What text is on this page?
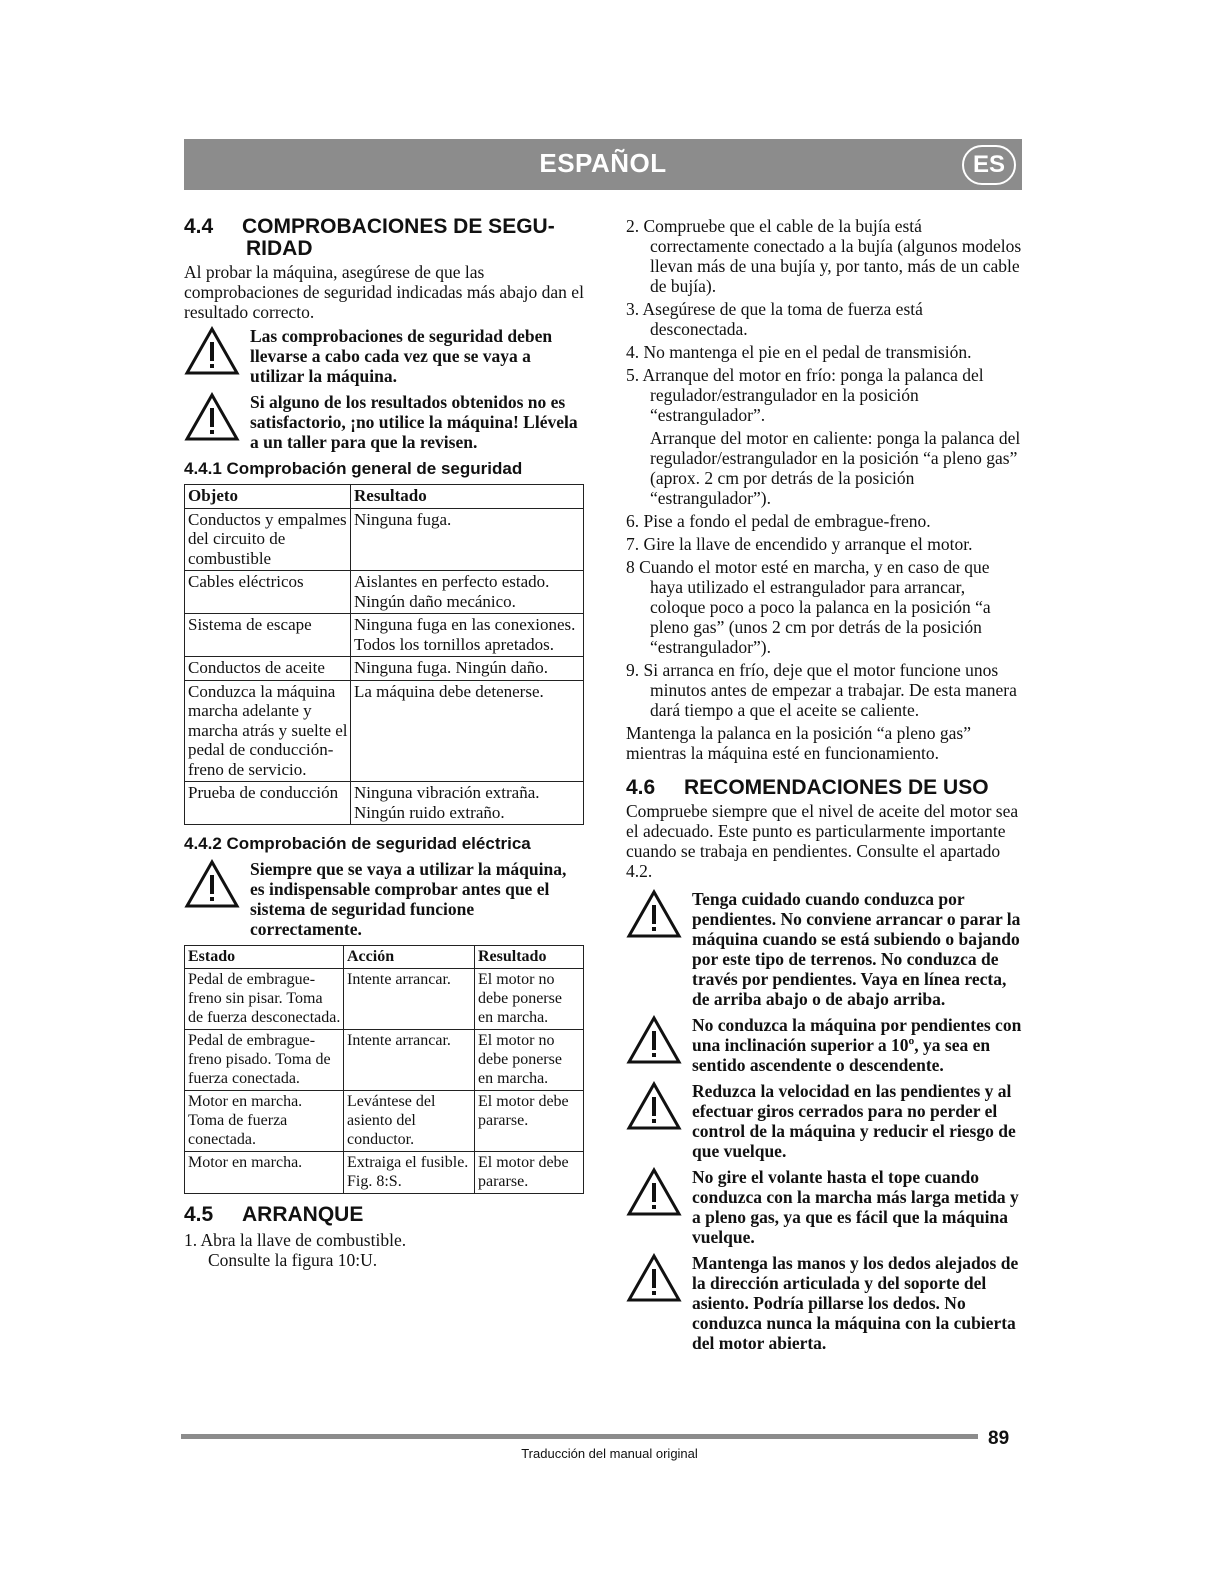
ESPAÑOL	ES
4.4 COMPROBACIONES DE SEGU-
RIDAD

Al probar la máquina, asegúrese de que las comprobaciones de seguridad indicadas más abajo dan el resultado correcto.

Las comprobaciones de seguridad deben llevarse a cabo cada vez que se vaya a utilizar la máquina.
Si alguno de los resultados obtenidos no es satisfactorio, ¡no utilice la máquina! Llévela a un taller para que la revisen.
4.4.1 Comprobación general de seguridad
Objeto	Resultado
Conductos y empalmes del circuito de combustible	Ninguna fuga.
Cables eléctricos	Aislantes en perfecto estado. Ningún daño mecánico.
Sistema de escape	Ninguna fuga en las conexiones. Todos los tornillos apretados.
Conductos de aceite	Ninguna fuga. Ningún daño.
Conduzca la máquina marcha adelante y marcha atrás y suelte el pedal de conducción-freno de servicio.	La máquina debe detenerse.
Prueba de conducción	Ninguna vibración extraña. Ningún ruido extraño.
4.4.2 Comprobación de seguridad eléctrica
Siempre que se vaya a utilizar la máquina, es indispensable comprobar antes que el sistema de seguridad funcione correctamente.
Estado	Acción	Resultado
Pedal de embrague-freno sin pisar. Toma de fuerza desconectada.	Intente arrancar.	El motor no debe ponerse en marcha.
Pedal de embrague-freno pisado. Toma de fuerza conectada.	Intente arrancar.	El motor no debe ponerse en marcha.
Motor en marcha. Toma de fuerza conectada.	Levántese del asiento del conductor.	El motor debe pararse.
Motor en marcha.	Extraiga el fusible. Fig. 8:S.	El motor debe pararse.
4.5 ARRANQUE
1. Abra la llave de combustible.
Consulte la figura 10:U.
2. Compruebe que el cable de la bujía está correctamente conectado a la bujía (algunos modelos llevan más de una bujía y, por tanto, más de un cable de bujía).
3. Asegúrese de que la toma de fuerza está desconectada.
4. No mantenga el pie en el pedal de transmisión.
5. Arranque del motor en frío: ponga la palanca del regulador/estrangulador en la posición “estrangulador”.
Arranque del motor en caliente: ponga la palanca del regulador/estrangulador en la posición “a pleno gas” (aprox. 2 cm por detrás de la posición “estrangulador”).
6. Pise a fondo el pedal de embrague-freno.
7. Gire la llave de encendido y arranque el motor.
8 Cuando el motor esté en marcha, y en caso de que haya utilizado el estrangulador para arrancar, coloque poco a poco la palanca en la posición “a pleno gas” (unos 2 cm por detrás de la posición “estrangulador”).
9. Si arranca en frío, deje que el motor funcione unos minutos antes de empezar a trabajar. De esta manera dará tiempo a que el aceite se caliente.

Mantenga la palanca en la posición “a pleno gas” mientras la máquina esté en funcionamiento.

4.6 RECOMENDACIONES DE USO

Compruebe siempre que el nivel de aceite del motor sea el adecuado. Este punto es particularmente importante cuando se trabaja en pendientes. Consulte el apartado 4.2.

Tenga cuidado cuando conduzca por pendientes. No conviene arrancar o parar la máquina cuando se está subiendo o bajando por este tipo de terrenos. No conduzca de través por pendientes. Vaya en línea recta, de arriba abajo o de abajo arriba.
No conduzca la máquina por pendientes con una inclinación superior a 10º, ya sea en sentido ascendente o descendente.
Reduzca la velocidad en las pendientes y al efectuar giros cerrados para no perder el control de la máquina y reducir el riesgo de que vuelque.
No gire el volante hasta el tope cuando conduzca con la marcha más larga metida y a pleno gas, ya que es fácil que la máquina vuelque.
Mantenga las manos y los dedos alejados de la dirección articulada y del soporte del asiento. Podría pillarse los dedos. No conduzca nunca la máquina con la cubierta del motor abierta.
89
Traducción del manual original
